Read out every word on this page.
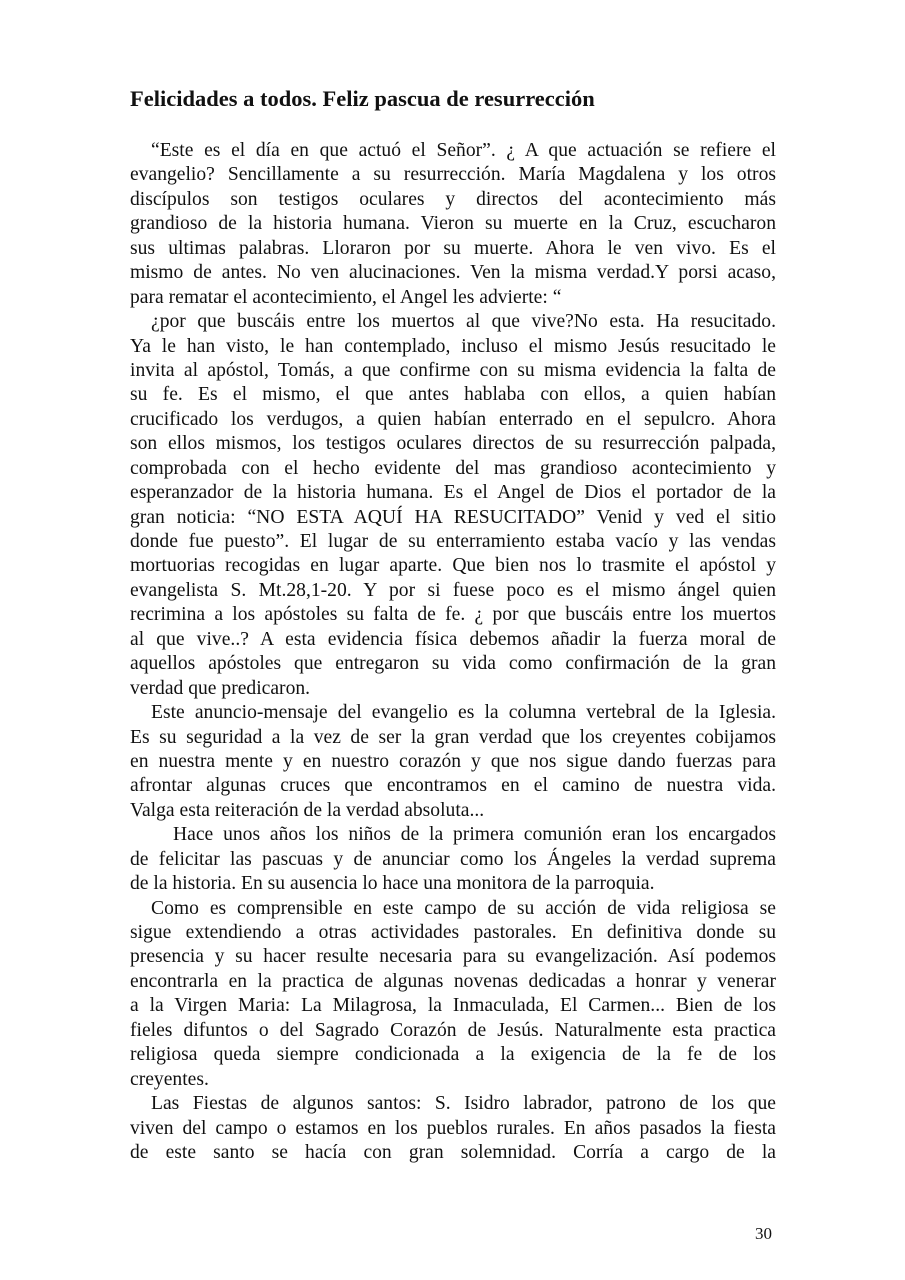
Felicidades a todos. Feliz pascua de resurrección
“Este es el día en que actuó el Señor”. ¿ A que actuación se refiere el
evangelio? Sencillamente a su resurrección. María Magdalena y los otros
discípulos son testigos oculares y directos del acontecimiento más
grandioso de la historia humana. Vieron su muerte en la Cruz, escucharon
sus ultimas palabras. Lloraron por su muerte. Ahora le ven vivo. Es el
mismo de antes. No ven alucinaciones. Ven la misma verdad.Y porsi acaso,
para rematar el acontecimiento, el Angel les advierte: “
¿por que buscáis entre los muertos al que vive?No esta. Ha resucitado.
Ya le han visto, le han contemplado, incluso el mismo Jesús resucitado le
invita al apóstol, Tomás, a que confirme con su misma evidencia la falta de
su fe. Es el mismo, el que antes hablaba con ellos, a quien habían
crucificado los verdugos, a quien habían enterrado en el sepulcro. Ahora
son ellos mismos, los testigos oculares directos de su resurrección palpada,
comprobada con el hecho evidente del mas grandioso acontecimiento y
esperanzador de la historia humana. Es el Angel de Dios el portador de la
gran noticia: “NO ESTA AQUÍ HA RESUCITADO” Venid y ved el sitio
donde fue puesto”. El lugar de su enterramiento estaba vacío y las vendas
mortuorias recogidas en lugar aparte. Que bien nos lo trasmite el apóstol y
evangelista S. Mt.28,1-20. Y por si fuese poco es el mismo ángel quien
recrimina a los apóstoles su falta de fe. ¿ por que buscáis entre los muertos
al que vive..? A esta evidencia física debemos añadir la fuerza moral de
aquellos apóstoles que entregaron su vida como confirmación de la gran
verdad que predicaron.
Este anuncio-mensaje del evangelio es la columna vertebral de la Iglesia.
Es su seguridad a la vez de ser la gran verdad que los creyentes cobijamos
en nuestra mente y en nuestro corazón y que nos sigue dando fuerzas para
afrontar algunas cruces que encontramos en el camino de nuestra vida.
Valga esta reiteración de la verdad absoluta...
Hace unos años los niños de la primera comunión eran los encargados
de felicitar las pascuas y de anunciar como los Ángeles la verdad suprema
de la historia. En su ausencia lo hace una monitora de la parroquia.
Como es comprensible en este campo de su acción de vida religiosa se
sigue extendiendo a otras actividades pastorales. En definitiva donde su
presencia y su hacer resulte necesaria para su evangelización. Así podemos
encontrarla en la practica de algunas novenas dedicadas a honrar y venerar
a la Virgen Maria: La Milagrosa, la Inmaculada, El Carmen... Bien de los
fieles difuntos o del Sagrado Corazón de Jesús. Naturalmente esta practica
religiosa queda siempre condicionada a la exigencia de la fe de los
creyentes.
Las Fiestas de algunos santos: S. Isidro labrador, patrono de los que
viven del campo o estamos en los pueblos rurales. En años pasados la fiesta
de este santo se hacía con gran solemnidad. Corría a cargo de la
30
